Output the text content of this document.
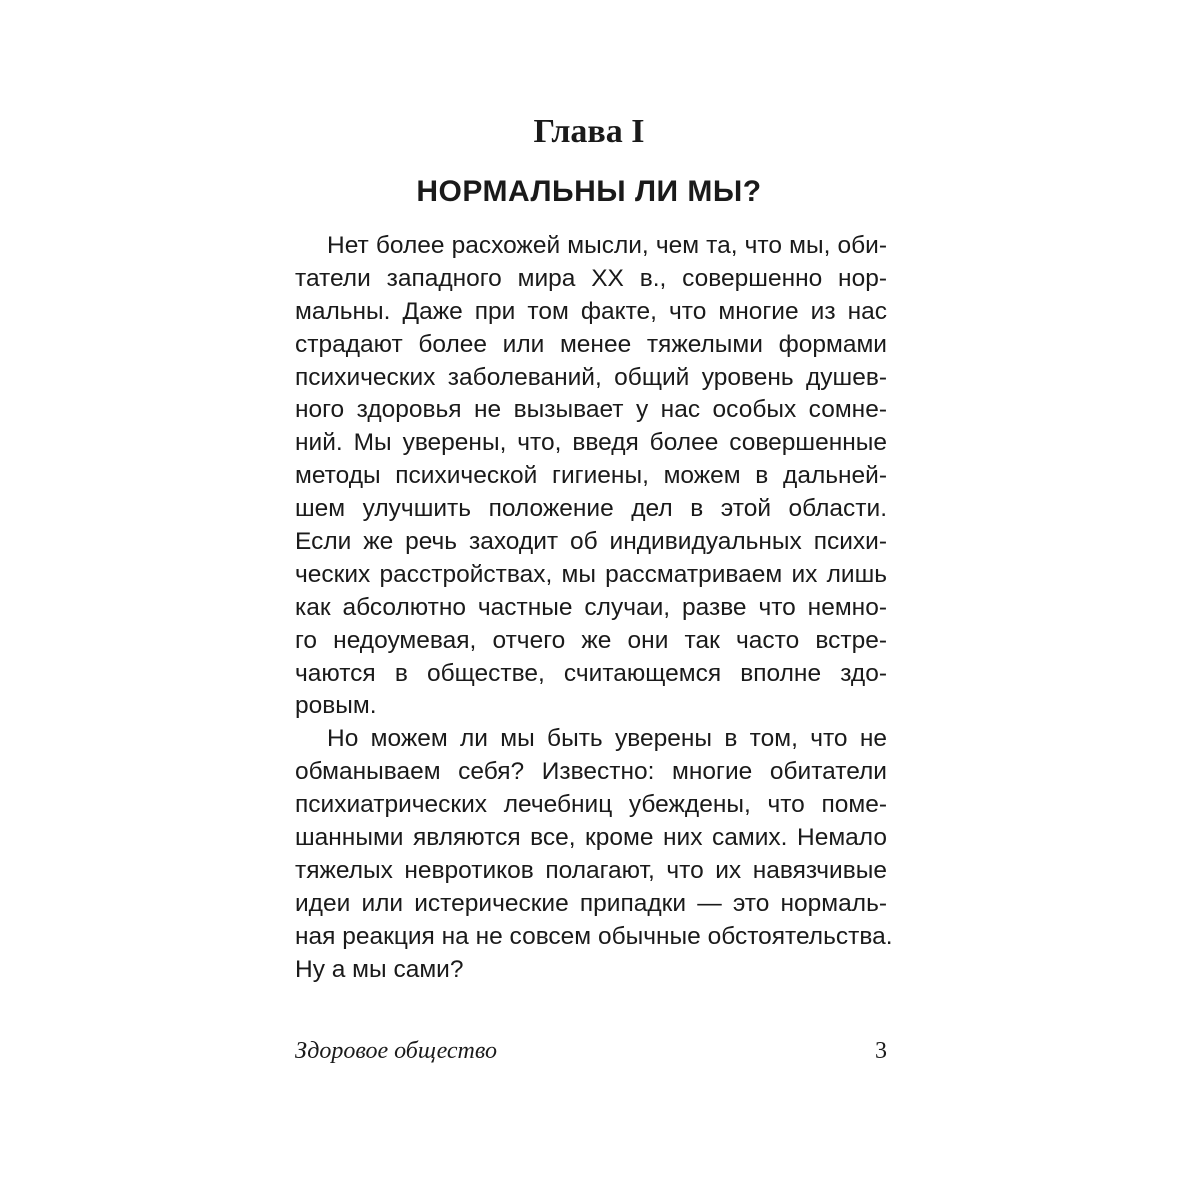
Глава I
НОРМАЛЬНЫ ЛИ МЫ?
Нет более расхожей мысли, чем та, что мы, оби-
татели западного мира XX в., совершенно нор-
мальны. Даже при том факте, что многие из нас
страдают более или менее тяжелыми формами
психических заболеваний, общий уровень душев-
ного здоровья не вызывает у нас особых сомне-
ний. Мы уверены, что, введя более совершенные
методы психической гигиены, можем в дальней-
шем улучшить положение дел в этой области.
Если же речь заходит об индивидуальных психи-
ческих расстройствах, мы рассматриваем их лишь
как абсолютно частные случаи, разве что немно-
го недоумевая, отчего же они так часто встре-
чаются в обществе, считающемся вполне здо-
ровым.
Но можем ли мы быть уверены в том, что не
обманываем себя? Известно: многие обитатели
психиатрических лечебниц убеждены, что поме-
шанными являются все, кроме них самих. Немало
тяжелых невротиков полагают, что их навязчивые
идеи или истерические припадки — это нормаль-
ная реакция на не совсем обычные обстоятельства.
Ну а мы сами?
Здоровое общество	3
